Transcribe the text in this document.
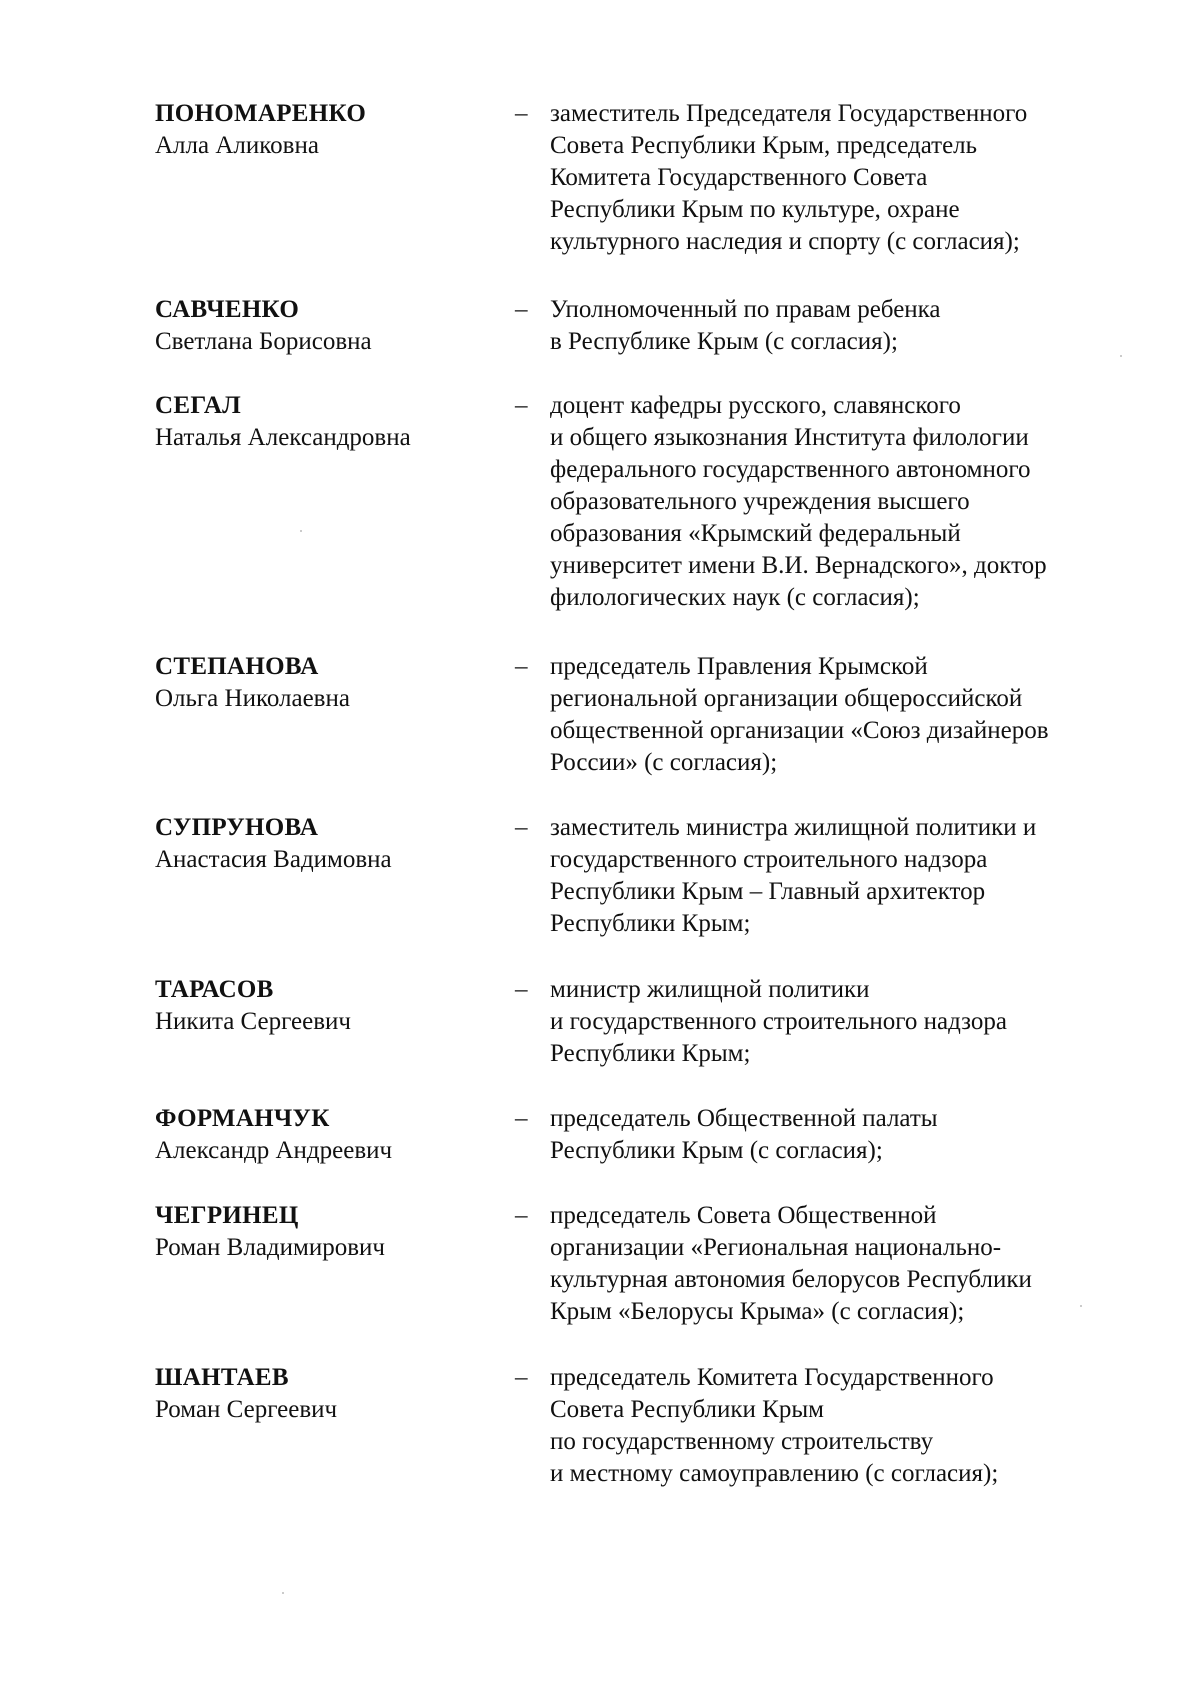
ПОНОМАРЕНКО
Алла Аликовна
– заместитель Председателя Государственного
Совета Республики Крым, председатель
Комитета Государственного Совета
Республики Крым по культуре, охране
культурного наследия и спорту (с согласия);
САВЧЕНКО
Светлана Борисовна
– Уполномоченный по правам ребенка
в Республике Крым (с согласия);
СЕГАЛ
Наталья Александровна
– доцент кафедры русского, славянского
и общего языкознания Института филологии
федерального государственного автономного
образовательного учреждения высшего
образования «Крымский федеральный
университет имени В.И. Вернадского», доктор
филологических наук (с согласия);
СТЕПАНОВА
Ольга Николаевна
– председатель Правления Крымской
региональной организации общероссийской
общественной организации «Союз дизайнеров
России» (с согласия);
СУПРУНОВА
Анастасия Вадимовна
– заместитель министра жилищной политики и
государственного строительного надзора
Республики Крым – Главный архитектор
Республики Крым;
ТАРАСОВ
Никита Сергеевич
– министр жилищной политики
и государственного строительного надзора
Республики Крым;
ФОРМАНЧУК
Александр Андреевич
– председатель Общественной палаты
Республики Крым (с согласия);
ЧЕГРИНЕЦ
Роман Владимирович
– председатель Совета Общественной
организации «Региональная национально-
культурная автономия белорусов Республики
Крым «Белорусы Крыма» (с согласия);
ШАНТАЕВ
Роман Сергеевич
– председатель Комитета Государственного
Совета Республики Крым
по государственному строительству
и местному самоуправлению (с согласия);
